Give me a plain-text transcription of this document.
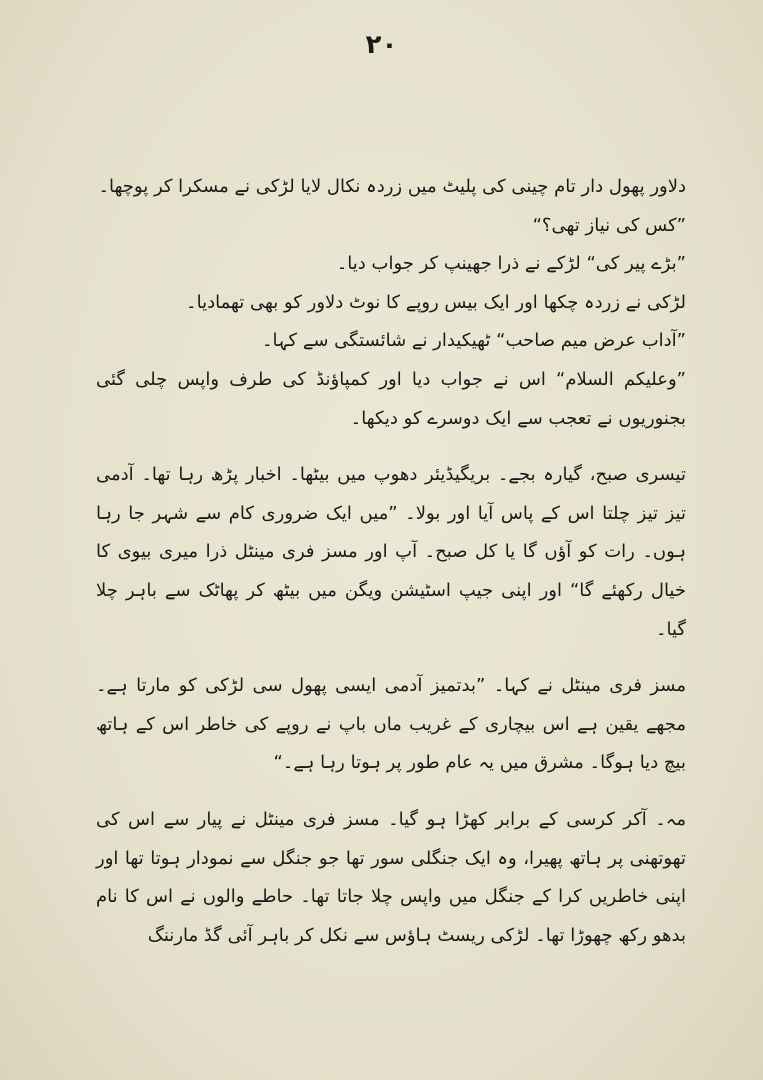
۲۰

دلاور پھول دار تام چینی کی پلیٹ میں زردہ نکال لایا لڑکی نے مسکرا کر پوچھا۔

”کس کی نیاز تھی؟“

”بڑے پیر کی“ لڑکے نے ذرا جھینپ کر جواب دیا۔

لڑکی نے زردہ چکھا اور ایک بیس روپے کا نوٹ دلاور کو بھی تھمادیا۔

”آداب عرض میم صاحب“ ٹھیکیدار نے شائستگی سے کہا۔

”وعلیکم السلام“ اس نے جواب دیا اور کمپاؤنڈ کی طرف واپس چلی گئی بجنوریوں نے تعجب سے ایک دوسرے کو دیکھا۔

تیسری صبح، گیارہ بجے۔ بریگیڈیئر دھوپ میں بیٹھا۔ اخبار پڑھ رہا تھا۔ آدمی تیز تیز چلتا اس کے پاس آیا اور بولا۔ ”میں ایک ضروری کام سے شہر جا رہا ہوں۔ رات کو آؤں گا یا کل صبح۔ آپ اور مسز فری مینٹل ذرا میری بیوی کا خیال رکھئے گا“ اور اپنی جیپ اسٹیشن ویگن میں بیٹھ کر پھاٹک سے باہر چلا گیا۔

مسز فری مینٹل نے کہا۔ ”بدتمیز آدمی ایسی پھول سی لڑکی کو مارتا ہے۔ مجھے یقین ہے اس بیچاری کے غریب ماں باپ نے روپے کی خاطر اس کے ہاتھ بیچ دیا ہوگا۔ مشرق میں یہ عام طور پر ہوتا رہا ہے۔“

مہ۔ آکر کرسی کے برابر کھڑا ہو گیا۔ مسز فری مینٹل نے پیار سے اس کی تھوتھنی پر ہاتھ پھیرا، وہ ایک جنگلی سور تھا جو جنگل سے نمودار ہوتا تھا اور اپنی خاطریں کرا کے جنگل میں واپس چلا جاتا تھا۔ حاطے والوں نے اس کا نام بدھو رکھ چھوڑا تھا۔ لڑکی ریسٹ ہاؤس سے نکل کر باہر آئی گڈ مارننگ
